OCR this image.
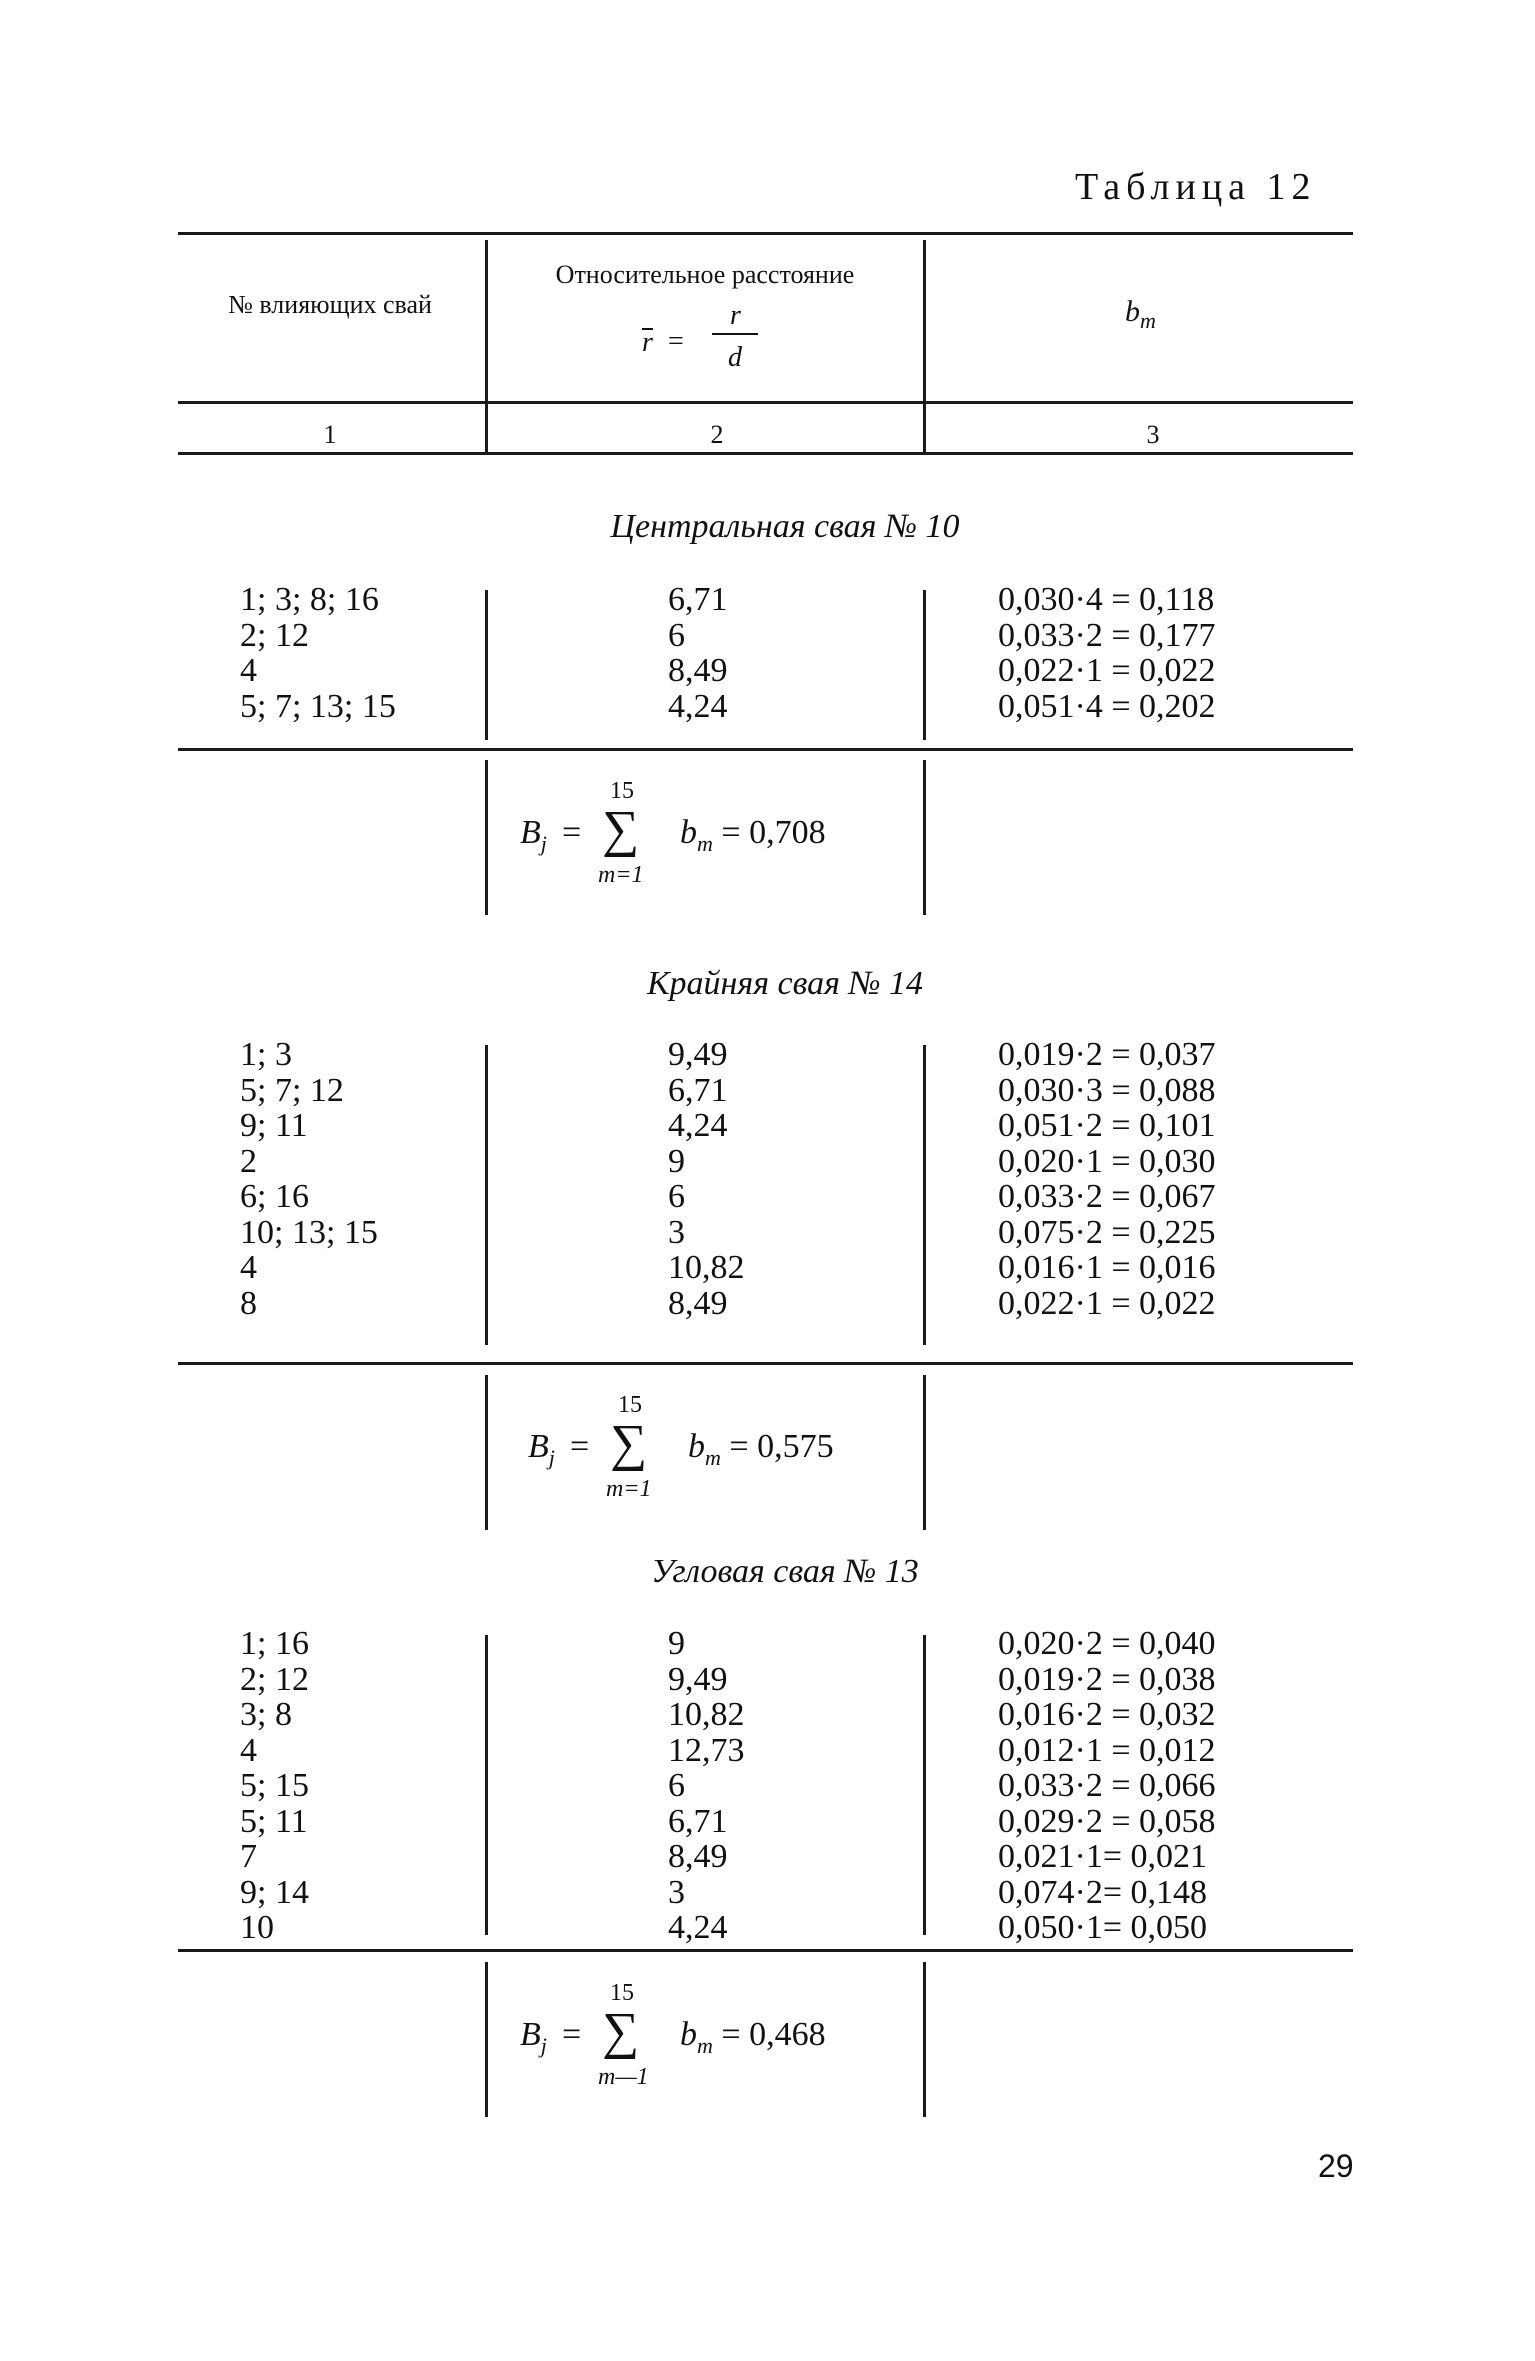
Таблица 12
№ влияющих свай
Относительное расстояние
r =
r
d
$b_m$
1	2	3
Центральная свая № 10
1; 3; 8; 16
2; 12
4
5; 7; 13; 15
6,71
6
8,49
4,24
0,030·4 = 0,118
0,033·2 = 0,177
0,022·1 = 0,022
0,051·4 = 0,202
15
$B_j$ = ∑
m=1
$b_m = 0,708$
Крайняя свая № 14
1; 3
5; 7; 12
9; 11
2
6; 16
10; 13; 15
4
8
9,49
6,71
4,24
9
6
3
10,82
8,49
0,019·2 = 0,037
0,030·3 = 0,088
0,051·2 = 0,101
0,020·1 = 0,030
0,033·2 = 0,067
0,075·2 = 0,225
0,016·1 = 0,016
0,022·1 = 0,022
15
$B_j$ = ∑
m=1
$b_m = 0,575$
Угловая свая № 13
1; 16
2; 12
3; 8
4
5; 15
5; 11
7
9; 14
10
9
9,49
10,82
12,73
6
6,71
8,49
3
4,24
0,020·2 = 0,040
0,019·2 = 0,038
0,016·2 = 0,032
0,012·1 = 0,012
0,033·2 = 0,066
0,029·2 = 0,058
0,021·1= 0,021
0,074·2= 0,148
0,050·1= 0,050
15
$B_j$ = ∑
m—1
$b_m = 0,468$
29
